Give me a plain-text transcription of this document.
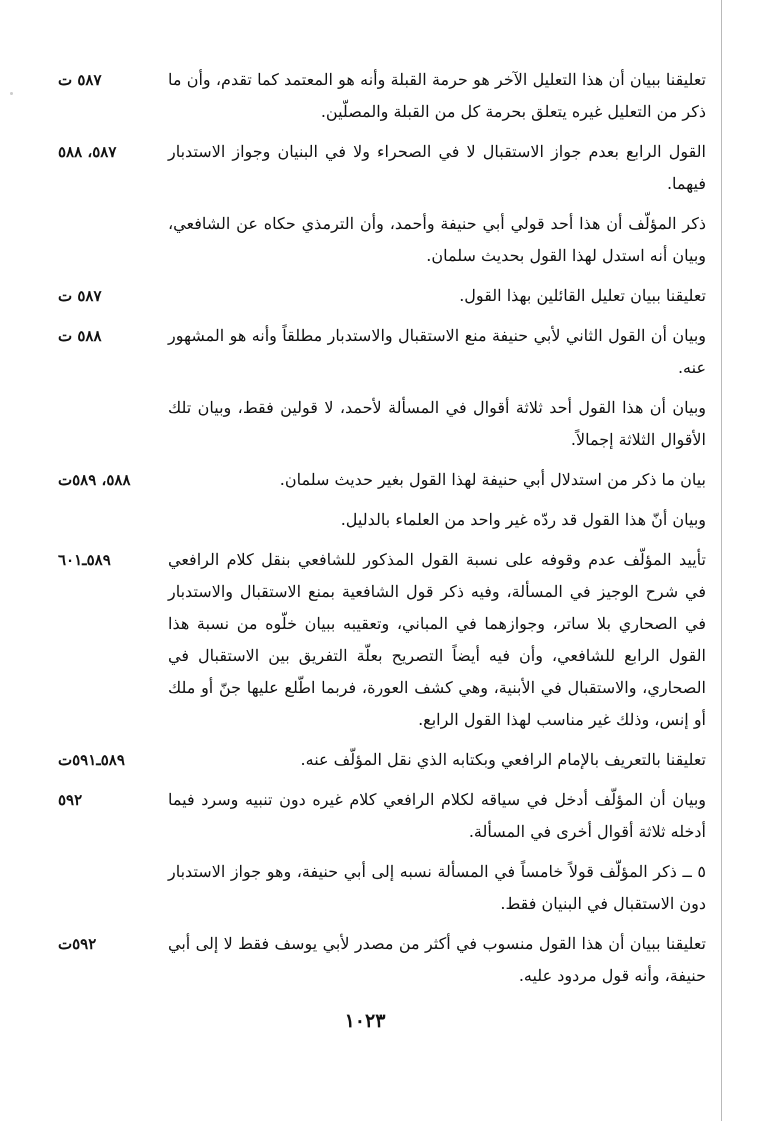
تعليقنا ببيان أن هذا التعليل الآخر هو حرمة القبلة وأنه هو المعتمد كما تقدم، وأن ما ذكر من التعليل غيره يتعلق بحرمة كل من القبلة والمصلّين.
٥٨٧ ت
القول الرابع بعدم جواز الاستقبال لا في الصحراء ولا في البنيان وجواز الاستدبار فيهما.
٥٨٧، ٥٨٨
ذكر المؤلّف أن هذا أحد قولي أبي حنيفة وأحمد، وأن الترمذي حكاه عن الشافعي، وبيان أنه استدل لهذا القول بحديث سلمان.
تعليقنا ببيان تعليل القائلين بهذا القول.
٥٨٧ ت
وبيان أن القول الثاني لأبي حنيفة منع الاستقبال والاستدبار مطلقاً وأنه هو المشهور عنه.
٥٨٨ ت
وبيان أن هذا القول أحد ثلاثة أقوال في المسألة لأحمد، لا قولين فقط، وبيان تلك الأقوال الثلاثة إجمالاً.
بيان ما ذكر من استدلال أبي حنيفة لهذا القول بغير حديث سلمان.
٥٨٨، ٥٨٩ت
وبيان أنّ هذا القول قد ردّه غير واحد من العلماء بالدليل.
تأييد المؤلّف عدم وقوفه على نسبة القول المذكور للشافعي بنقل كلام الرافعي في شرح الوجيز في المسألة، وفيه ذكر قول الشافعية بمنع الاستقبال والاستدبار في الصحاري بلا ساتر، وجوازهما في المباني، وتعقيبه ببيان خلّوه من نسبة هذا القول الرابع للشافعي، وأن فيه أيضاً التصريح بعلّة التفريق بين الاستقبال في الصحاري، والاستقبال في الأبنية، وهي كشف العورة، فربما اطّلع عليها جنّ أو ملك أو إنس، وذلك غير مناسب لهذا القول الرابع.
٥٨٩ـ٦٠١
تعليقنا بالتعريف بالإمام الرافعي وبكتابه الذي نقل المؤلّف عنه.
٥٨٩ـ٥٩١ت
وبيان أن المؤلّف أدخل في سياقه لكلام الرافعي كلام غيره دون تنبيه وسرد فيما أدخله ثلاثة أقوال أخرى في المسألة.
٥٩٢
٥ ــ ذكر المؤلّف قولاً خامساً في المسألة نسبه إلى أبي حنيفة، وهو جواز الاستدبار دون الاستقبال في البنيان فقط.
تعليقنا ببيان أن هذا القول منسوب في أكثر من مصدر لأبي يوسف فقط لا إلى أبي حنيفة، وأنه قول مردود عليه.
٥٩٢ت
١٠٢٣
